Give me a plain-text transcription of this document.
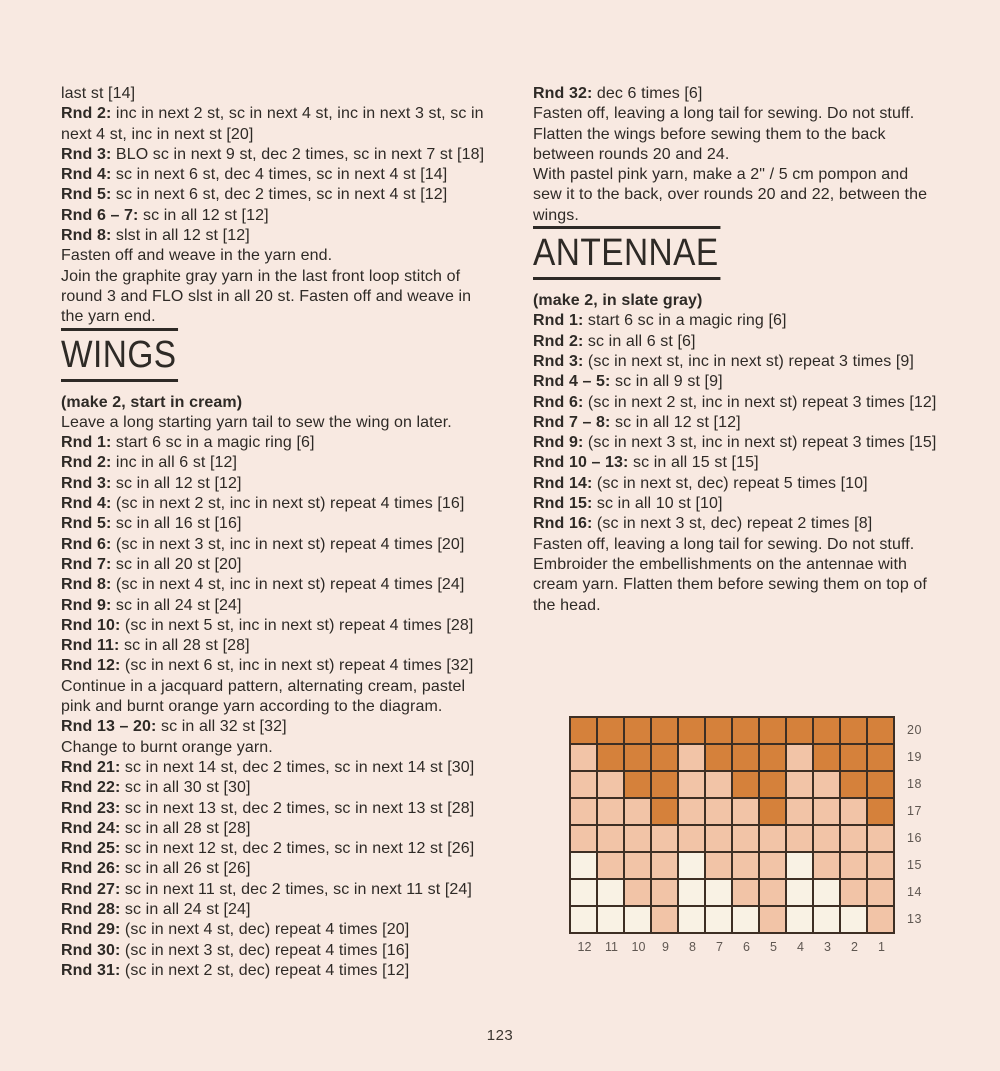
last st [14]
Rnd 2: inc in next 2 st, sc in next 4 st, inc in next 3 st, sc in
next 4 st, inc in next st [20]
Rnd 3: BLO sc in next 9 st, dec 2 times, sc in next 7 st [18]
Rnd 4: sc in next 6 st, dec 4 times, sc in next 4 st [14]
Rnd 5: sc in next 6 st, dec 2 times, sc in next 4 st [12]
Rnd 6 – 7: sc in all 12 st [12]
Rnd 8: slst in all 12 st [12]
Fasten off and weave in the yarn end.
Join the graphite gray yarn in the last front loop stitch of
round 3 and FLO slst in all 20 st. Fasten off and weave in
the yarn end.
WINGS
(make 2, start in cream)
Leave a long starting yarn tail to sew the wing on later.
Rnd 1: start 6 sc in a magic ring [6]
Rnd 2: inc in all 6 st [12]
Rnd 3: sc in all 12 st [12]
Rnd 4: (sc in next 2 st, inc in next st) repeat 4 times [16]
Rnd 5: sc in all 16 st [16]
Rnd 6: (sc in next 3 st, inc in next st) repeat 4 times [20]
Rnd 7: sc in all 20 st [20]
Rnd 8: (sc in next 4 st, inc in next st) repeat 4 times [24]
Rnd 9: sc in all 24 st [24]
Rnd 10: (sc in next 5 st, inc in next st) repeat 4 times [28]
Rnd 11: sc in all 28 st [28]
Rnd 12: (sc in next 6 st, inc in next st) repeat 4 times [32]
Continue in a jacquard pattern, alternating cream, pastel
pink and burnt orange yarn according to the diagram.
Rnd 13 – 20: sc in all 32 st [32]
Change to burnt orange yarn.
Rnd 21: sc in next 14 st, dec 2 times, sc in next 14 st [30]
Rnd 22: sc in all 30 st [30]
Rnd 23: sc in next 13 st, dec 2 times, sc in next 13 st [28]
Rnd 24: sc in all 28 st [28]
Rnd 25: sc in next 12 st, dec 2 times, sc in next 12 st [26]
Rnd 26: sc in all 26 st [26]
Rnd 27: sc in next 11 st, dec 2 times, sc in next 11 st [24]
Rnd 28: sc in all 24 st [24]
Rnd 29: (sc in next 4 st, dec) repeat 4 times [20]
Rnd 30: (sc in next 3 st, dec) repeat 4 times [16]
Rnd 31: (sc in next 2 st, dec) repeat 4 times [12]
Rnd 32: dec 6 times [6]
Fasten off, leaving a long tail for sewing. Do not stuff.
Flatten the wings before sewing them to the back
between rounds 20 and 24.
With pastel pink yarn, make a 2" / 5 cm pompon and
sew it to the back, over rounds 20 and 22, between the
wings.
ANTENNAE
(make 2, in slate gray)
Rnd 1: start 6 sc in a magic ring [6]
Rnd 2: sc in all 6 st [6]
Rnd 3: (sc in next st, inc in next st) repeat 3 times [9]
Rnd 4 – 5: sc in all 9 st [9]
Rnd 6: (sc in next 2 st, inc in next st) repeat 3 times [12]
Rnd 7 – 8: sc in all 12 st [12]
Rnd 9: (sc in next 3 st, inc in next st) repeat 3 times [15]
Rnd 10 – 13: sc in all 15 st [15]
Rnd 14: (sc in next st, dec) repeat 5 times [10]
Rnd 15: sc in all 10 st [10]
Rnd 16: (sc in next 3 st, dec) repeat 2 times [8]
Fasten off, leaving a long tail for sewing. Do not stuff.
Embroider the embellishments on the antennae with
cream yarn. Flatten them before sewing them on top of
the head.
20
19
18
17
16
15
14
13
12	11	10	9	8	7	6	5	4	3	2	1
123
